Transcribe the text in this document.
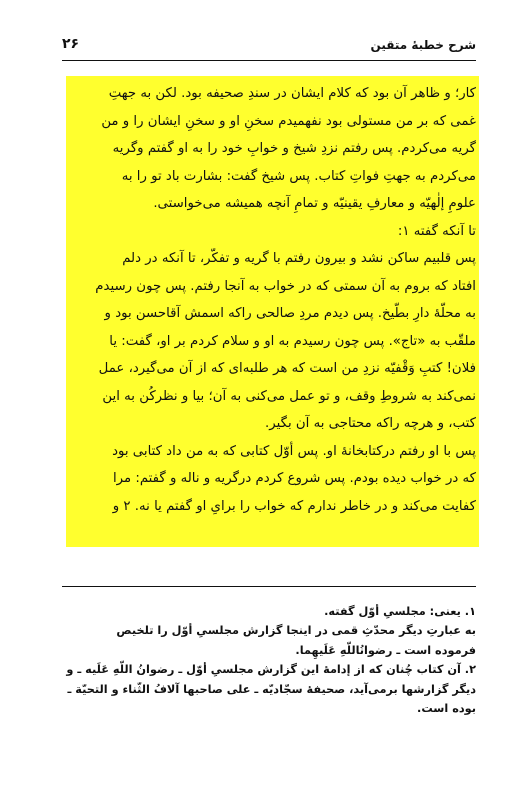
شرح خطبهٔ متقین
۲۶
کار؛ و ظاهر آن بود که کلام ایشان در سندِ صحیفه بود. لکن به جهتِ
غمی که بر من مستولی بود نفهمیدم سخنِ او و سخنِ ایشان را و من
گریه می‌کردم. پس رفتم نزدِ شیخ و خوابِ خود را به او گفتم وگریه
می‌کردم به جهتِ فواتِ کتاب. پس شیخ گفت: بشارت باد تو را به
علومِ إلٰهیّه و معارفِ یقینیّه و تمامِ آنچه همیشه می‌خواستی.
تا آنکه گفته ۱:
پس قلبیم ساکن نشد و بیرون رفتم با گریه و تفکّر، تا آنکه در دلم
افتاد که بروم به آن سمتی که در خواب به آنجا رفتم. پس چون رسیدم
به محلّهٔ دارِ بطّیخ. پس دیدم مردِ صالحی راکه اسمش آقاحسن بود و
ملقّب به «تاج». پس چون رسیدم به او و سلام کردم بر او، گفت: یا
فلان! کتبِ وَقْفیّه نزدِ من است که هر طلبه‌ای که از آن می‌گیرد، عمل
نمی‌کند به شروطِ وقف، و تو عمل می‌کنی به آن؛ بیا و نظرکُن به این
کتب، و هرچه راکه محتاجی به آن بگیر.
پس با او رفتم درکتابخانهٔ او. پس أوّل کتابی که به من داد کتابی بود
که در خواب دیده بودم. پس شروع کردم درگریه و ناله و گفتم: مرا
کفایت می‌کند و در خاطر ندارم که خواب را برایِ او گفتم یا نه. ۲ و
۱. یعنی: مجلسیِ أوّل گفته.
به عبارتِ دیگر محدّثِ قمی در اینجا گزارش مجلسیِ أوّل را تلخیص
فرموده است ـ رضوانُاللّهِ عَلَیهِما.
۲. آن کتاب چُنان که از إدامهٔ این گزارش مجلسیِ أوّل ـ رضوانُ اللّهِ عَلَیه ـ و
دیگر گزارشها برمی‌آید، صحیفهٔ سجّادیّه ـ علی صاحبها آلافُ الثّناء و التحیّة ـ
بوده است.
